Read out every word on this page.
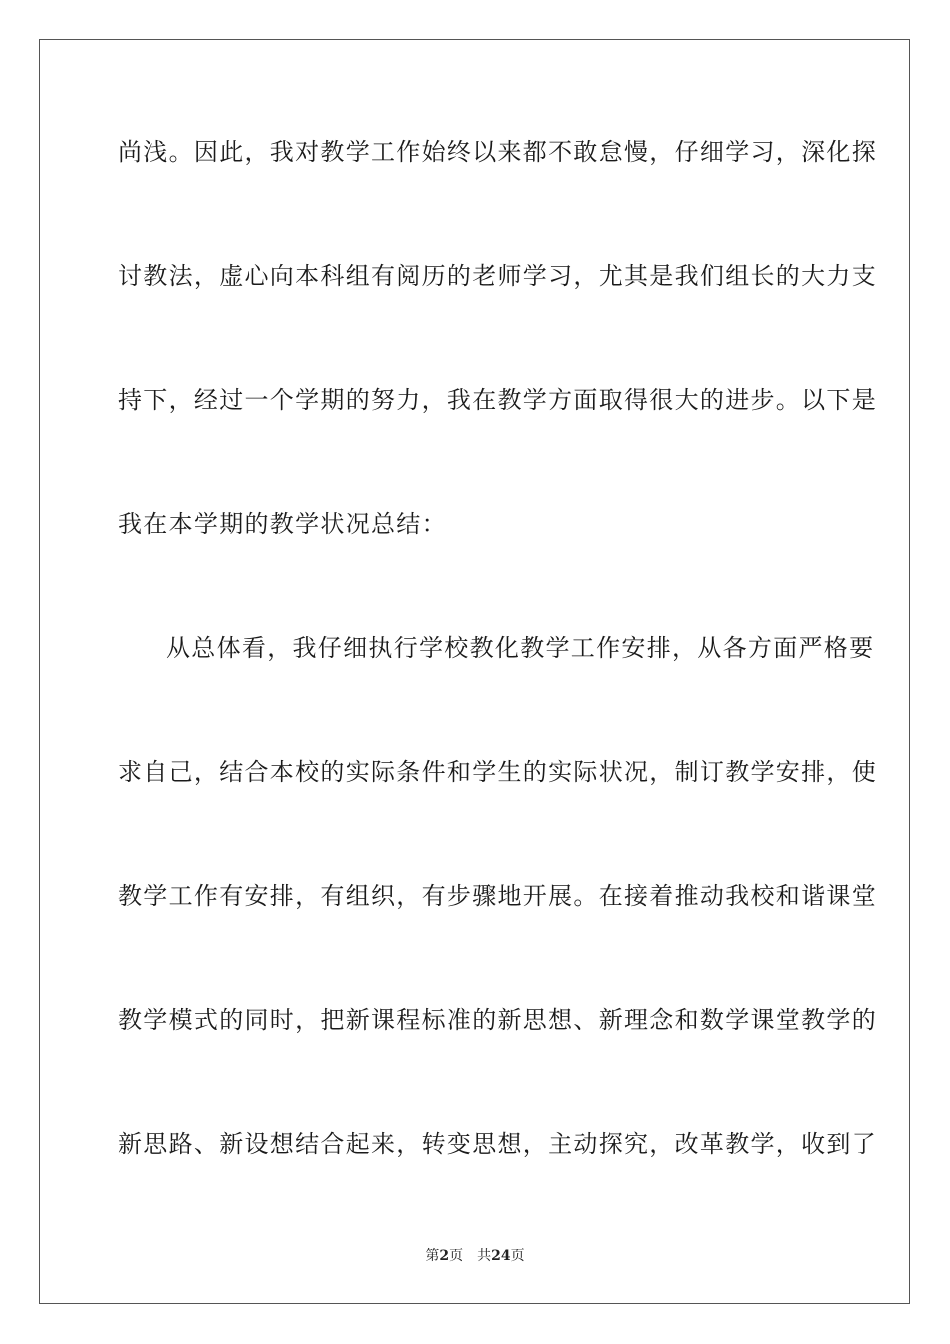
尚浅。因此，我对教学工作始终以来都不敢怠慢，仔细学习，深化探
讨教法，虚心向本科组有阅历的老师学习，尤其是我们组长的大力支
持下，经过一个学期的努力，我在教学方面取得很大的进步。以下是
我在本学期的教学状况总结：
从总体看，我仔细执行学校教化教学工作安排，从各方面严格要
求自己，结合本校的实际条件和学生的实际状况，制订教学安排，使
教学工作有安排，有组织，有步骤地开展。在接着推动我校和谐课堂
教学模式的同时，把新课程标准的新思想、新理念和数学课堂教学的
新思路、新设想结合起来，转变思想，主动探究，改革教学，收到了
第2页 共24页
